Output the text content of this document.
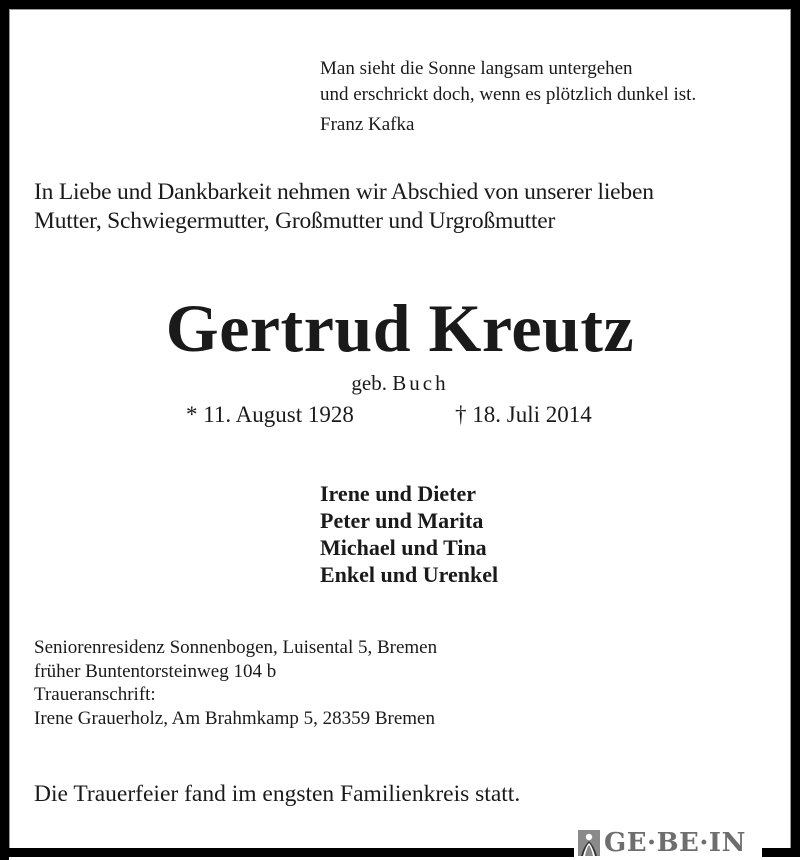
Man sieht die Sonne langsam untergehen
und erschrickt doch, wenn es plötzlich dunkel ist.
Franz Kafka
In Liebe und Dankbarkeit nehmen wir Abschied von unserer lieben
Mutter, Schwiegermutter, Großmutter und Urgroßmutter
Gertrud Kreutz
geb. Buch
* 11. August 1928	† 18. Juli 2014
Irene und Dieter
Peter und Marita
Michael und Tina
Enkel und Urenkel
Seniorenresidenz Sonnenbogen, Luisental 5, Bremen
früher Buntentorsteinweg 104 b
Traueranschrift:
Irene Grauerholz, Am Brahmkamp 5, 28359 Bremen
Die Trauerfeier fand im engsten Familienkreis statt.
GE·BE·IN
